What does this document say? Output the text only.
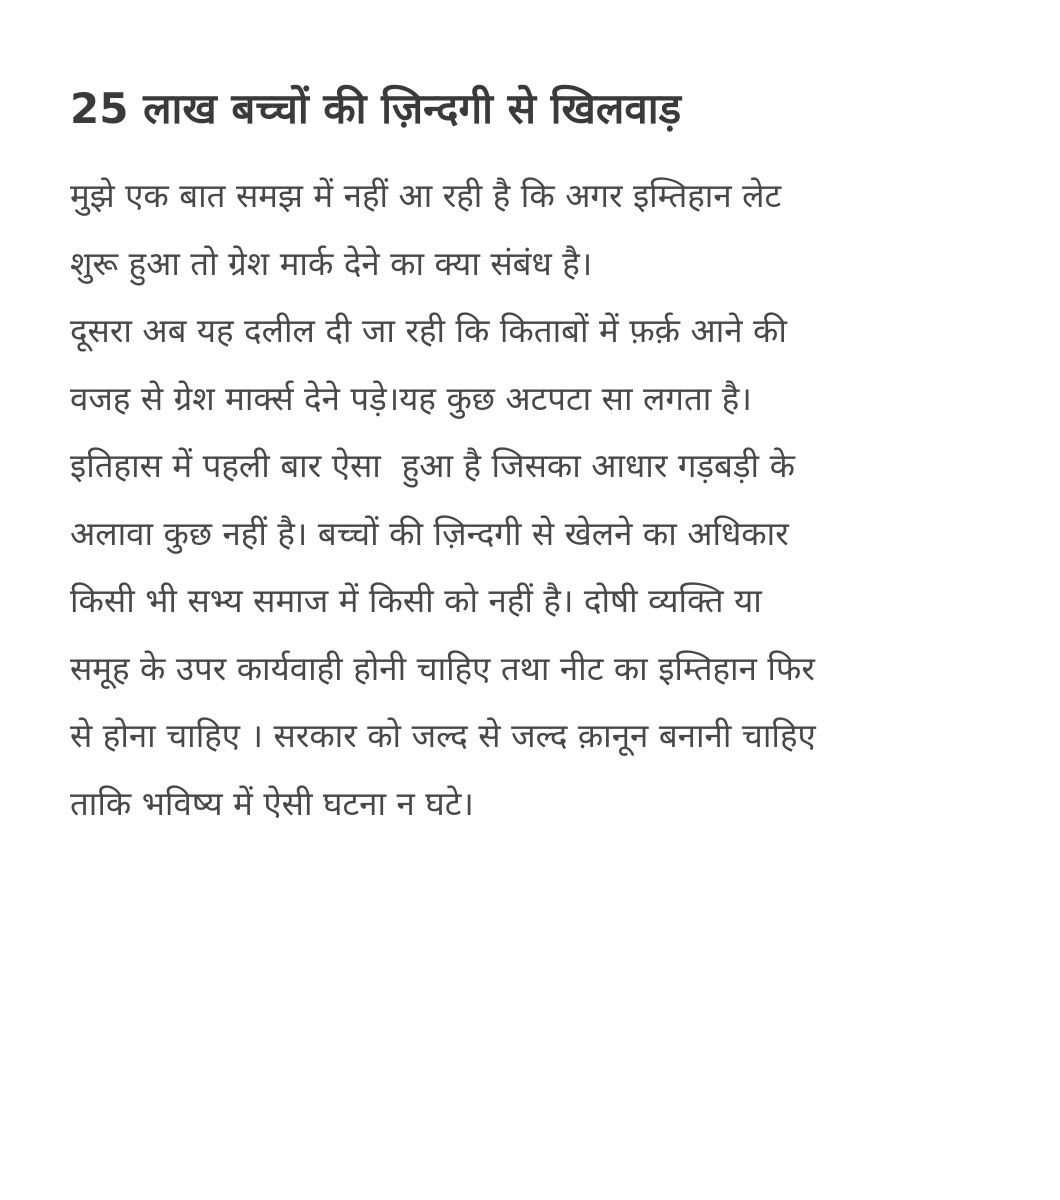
25 लाख बच्चों की ज़िन्दगी से खिलवाड़
मुझे एक बात समझ में नहीं आ रही है कि अगर इम्तिहान लेट
शुरू हुआ तो ग्रेश मार्क देने का क्या संबंध है।
दूसरा अब यह दलील दी जा रही कि किताबों में फ़र्क़ आने की
वजह से ग्रेश मार्क्स देने पड़े।यह कुछ अटपटा सा लगता है।
इतिहास में पहली बार ऐसा  हुआ है जिसका आधार गड़बड़ी के
अलावा कुछ नहीं है। बच्चों की ज़िन्दगी से खेलने का अधिकार
किसी भी सभ्य समाज में किसी को नहीं है। दोषी व्यक्ति या
समूह के उपर कार्यवाही होनी चाहिए तथा नीट का इम्तिहान फिर
से होना चाहिए । सरकार को जल्द से जल्द क़ानून बनानी चाहिए
ताकि भविष्य में ऐसी घटना न घटे।
